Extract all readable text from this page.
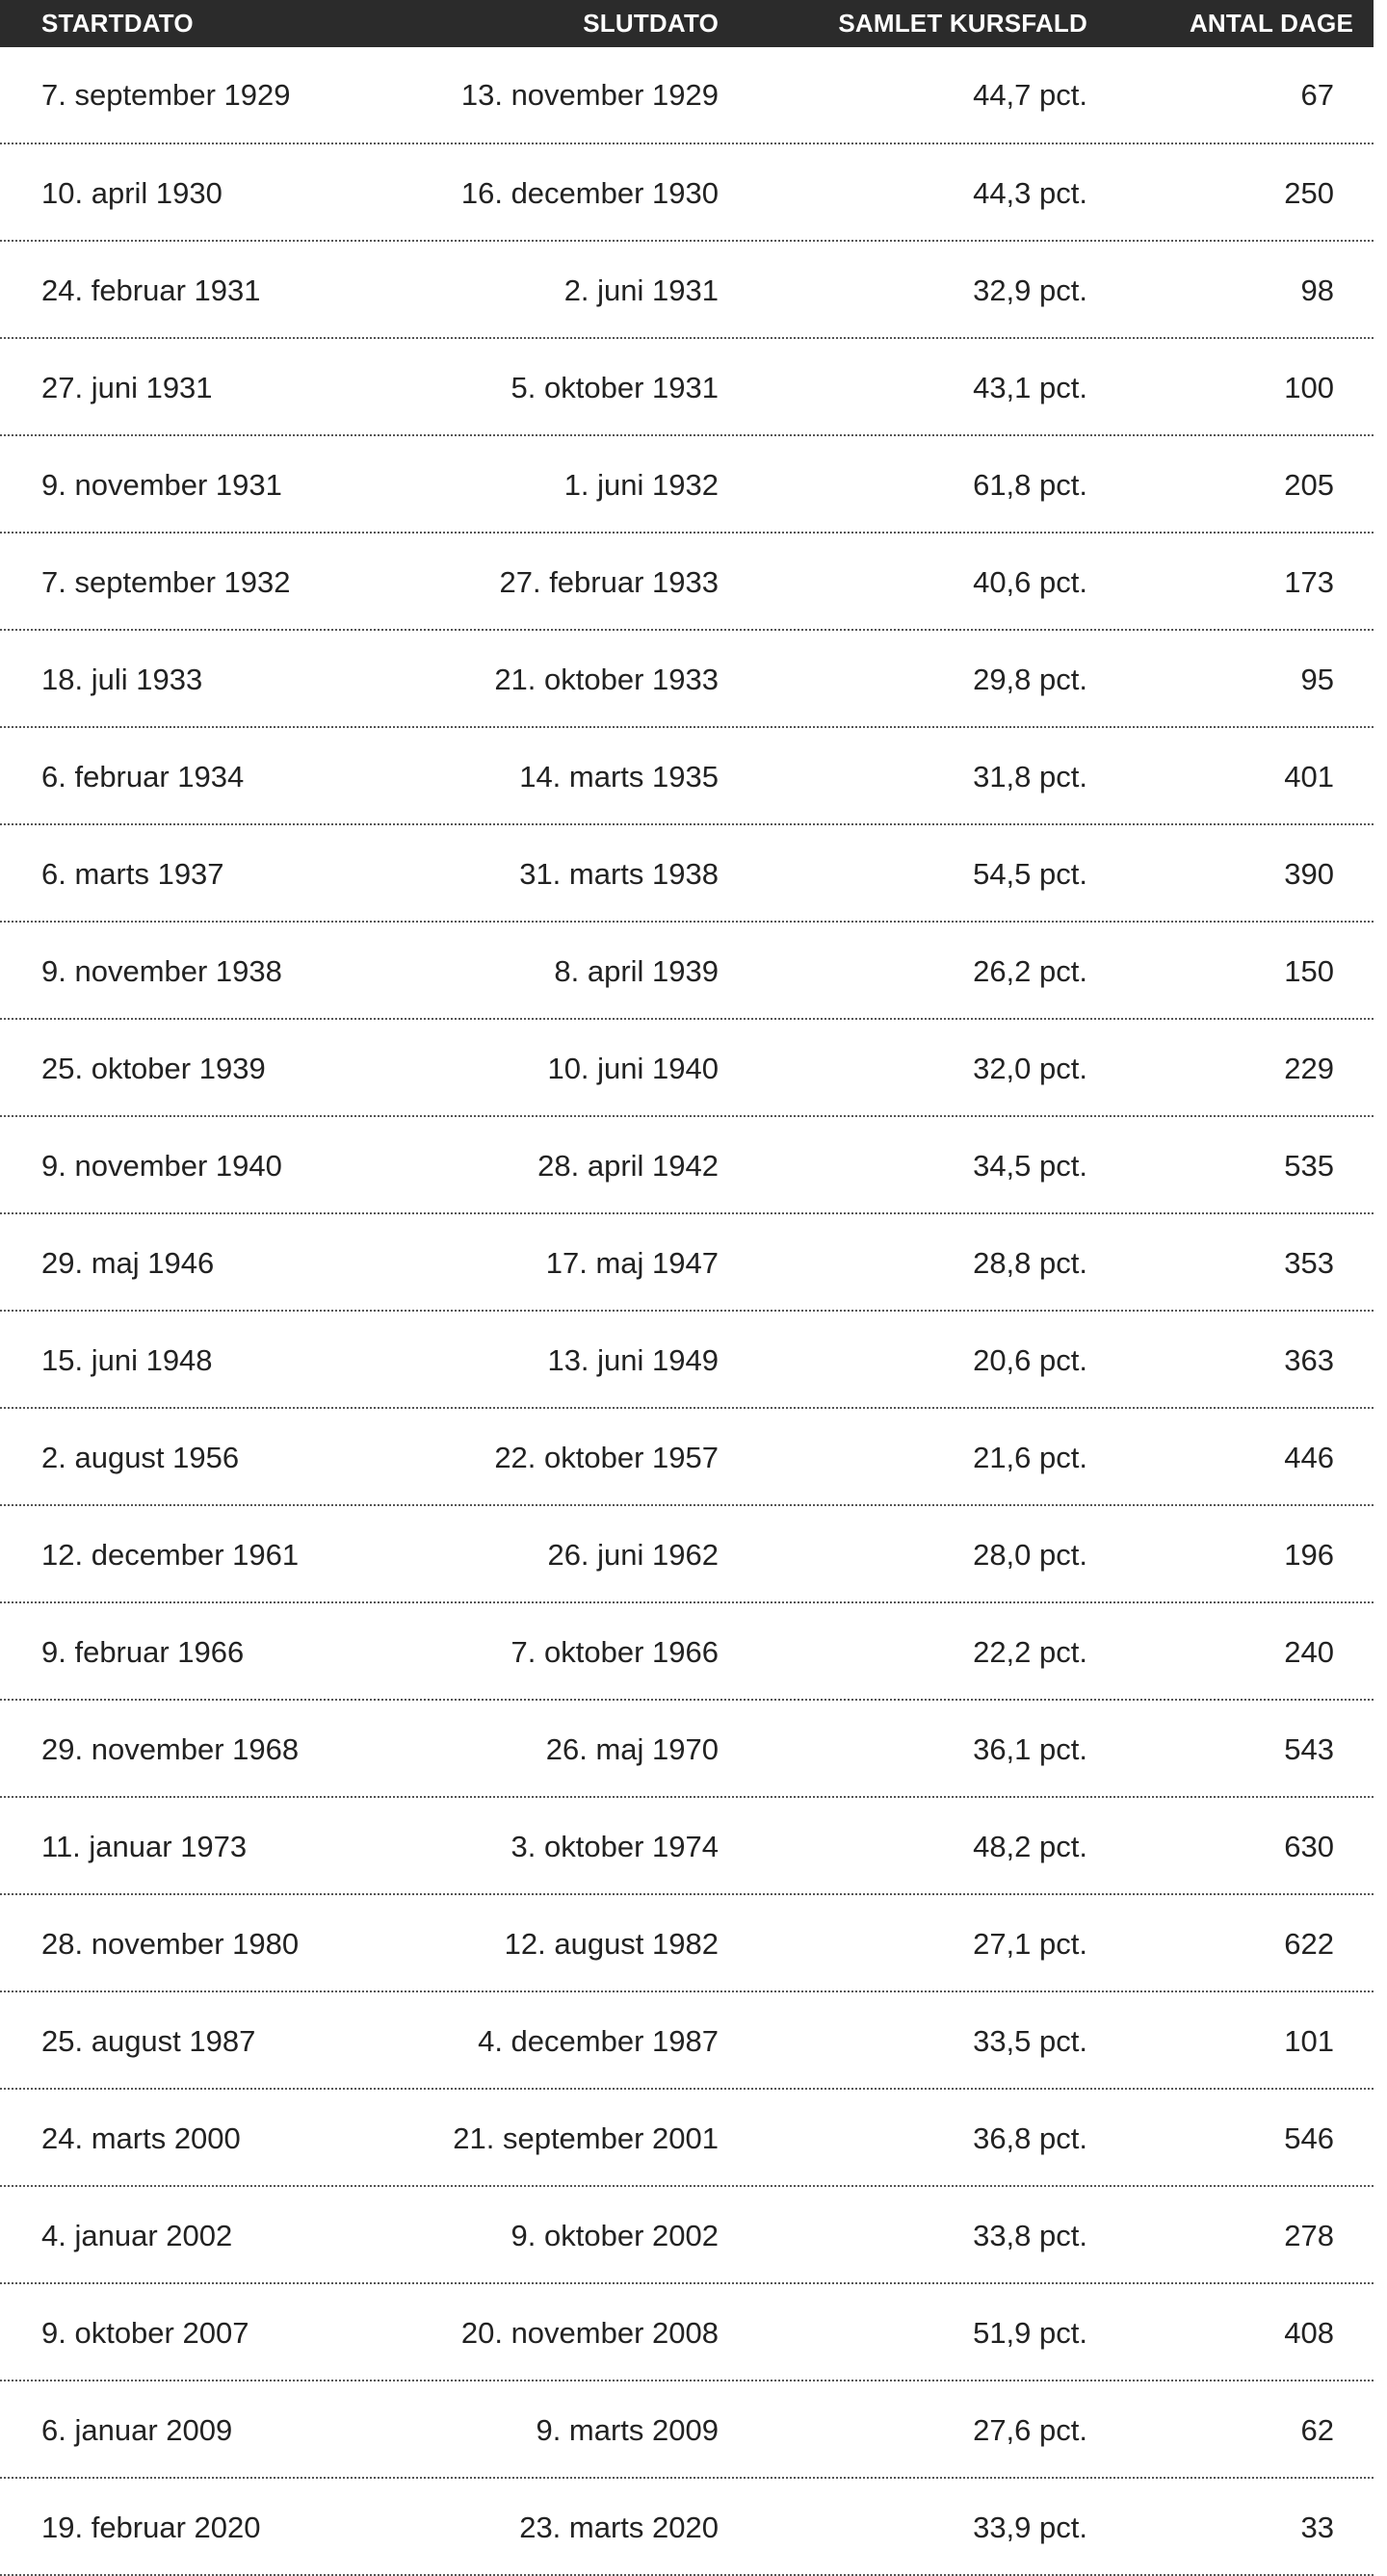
STARTDATO	SLUTDATO	SAMLET KURSFALD	ANTAL DAGE
7. september 1929	13. november 1929	44,7 pct.	67
10. april 1930	16. december 1930	44,3 pct.	250
24. februar 1931	2. juni 1931	32,9 pct.	98
27. juni 1931	5. oktober 1931	43,1 pct.	100
9. november 1931	1. juni 1932	61,8 pct.	205
7. september 1932	27. februar 1933	40,6 pct.	173
18. juli 1933	21. oktober 1933	29,8 pct.	95
6. februar 1934	14. marts 1935	31,8 pct.	401
6. marts 1937	31. marts 1938	54,5 pct.	390
9. november 1938	8. april 1939	26,2 pct.	150
25. oktober 1939	10. juni 1940	32,0 pct.	229
9. november 1940	28. april 1942	34,5 pct.	535
29. maj 1946	17. maj 1947	28,8 pct.	353
15. juni 1948	13. juni 1949	20,6 pct.	363
2. august 1956	22. oktober 1957	21,6 pct.	446
12. december 1961	26. juni 1962	28,0 pct.	196
9. februar 1966	7. oktober 1966	22,2 pct.	240
29. november 1968	26. maj 1970	36,1 pct.	543
11. januar 1973	3. oktober 1974	48,2 pct.	630
28. november 1980	12. august 1982	27,1 pct.	622
25. august 1987	4. december 1987	33,5 pct.	101
24. marts 2000	21. september 2001	36,8 pct.	546
4. januar 2002	9. oktober 2002	33,8 pct.	278
9. oktober 2007	20. november 2008	51,9 pct.	408
6. januar 2009	9. marts 2009	27,6 pct.	62
19. februar 2020	23. marts 2020	33,9 pct.	33
